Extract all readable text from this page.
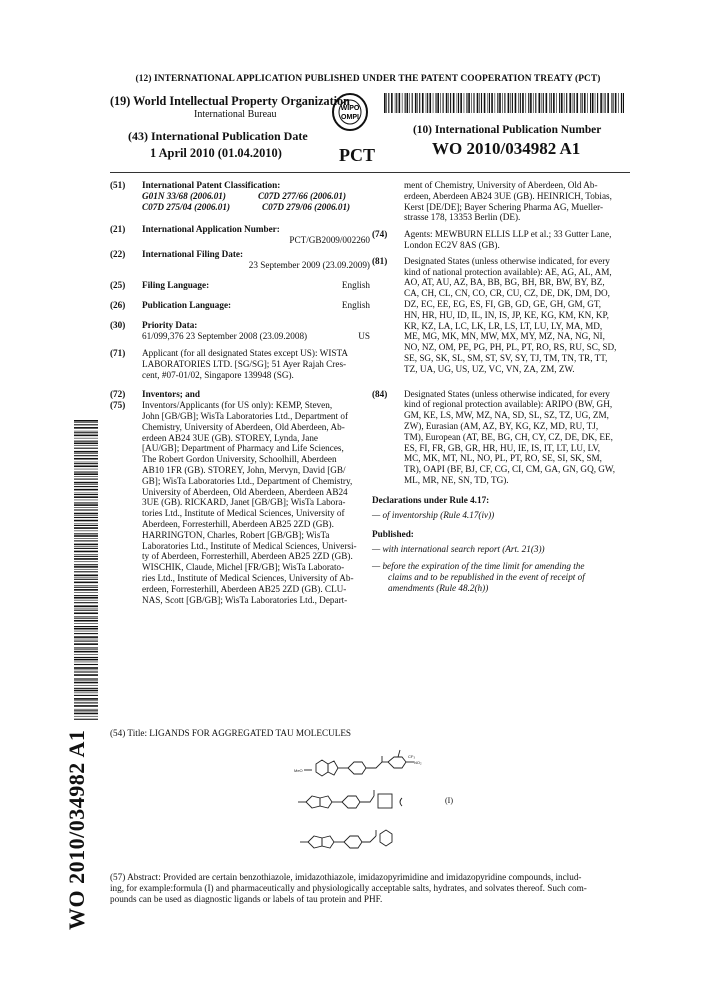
(12) INTERNATIONAL APPLICATION PUBLISHED UNDER THE PATENT COOPERATION TREATY (PCT)
(19) World Intellectual Property Organization
International Bureau
(43) International Publication Date
1 April 2010 (01.04.2010)
(10) International Publication Number
WO 2010/034982 A1
PCT
WIPO
OMPI
(51) International Patent Classification:
G01N 33/68 (2006.01)	C07D 277/66 (2006.01)
C07D 275/04 (2006.01)	C07D 279/06 (2006.01)
(21) International Application Number:
PCT/GB2009/002260
(22) International Filing Date:
23 September 2009 (23.09.2009)
(25) Filing Language:	English
(26) Publication Language:	English
(30) Priority Data:
61/099,376 23 September 2008 (23.09.2008)	US
(71) Applicant (for all designated States except US): WISTA
LABORATORIES LTD. [SG/SG]; 51 Ayer Rajah Cres-
cent, #07-01/02, Singapore 139948 (SG).
(72) Inventors; and
(75) Inventors/Applicants (for US only): KEMP, Steven,
John [GB/GB]; WisTa Laboratories Ltd., Department of
Chemistry, University of Aberdeen, Old Aberdeen, Ab-
erdeen AB24 3UE (GB). STOREY, Lynda, Jane
[AU/GB]; Department of Pharmacy and Life Sciences,
The Robert Gordon University, Schoolhill, Aberdeen
AB10 1FR (GB). STOREY, John, Mervyn, David [GB/
GB]; WisTa Laboratories Ltd., Department of Chemistry,
University of Aberdeen, Old Aberdeen, Aberdeen AB24
3UE (GB). RICKARD, Janet [GB/GB]; WisTa Labora-
tories Ltd., Institute of Medical Sciences, University of
Aberdeen, Forresterhill, Aberdeen AB25 2ZD (GB).
HARRINGTON, Charles, Robert [GB/GB]; WisTa
Laboratories Ltd., Institute of Medical Sciences, Universi-
ty of Aberdeen, Forresterhill, Aberdeen AB25 2ZD (GB).
WISCHIK, Claude, Michel [FR/GB]; WisTa Laborato-
ries Ltd., Institute of Medical Sciences, University of Ab-
erdeen, Forresterhill, Aberdeen AB25 2ZD (GB). CLU-
NAS, Scott [GB/GB]; WisTa Laboratories Ltd., Depart-
ment of Chemistry, University of Aberdeen, Old Ab-
erdeen, Aberdeen AB24 3UE (GB). HEINRICH, Tobias,
Kerst [DE/DE]; Bayer Schering Pharma AG, Mueller-
strasse 178, 13353 Berlin (DE).
(74) Agents: MEWBURN ELLIS LLP et al.; 33 Gutter Lane,
London EC2V 8AS (GB).
(81) Designated States (unless otherwise indicated, for every
kind of national protection available): AE, AG, AL, AM,
AO, AT, AU, AZ, BA, BB, BG, BH, BR, BW, BY, BZ,
CA, CH, CL, CN, CO, CR, CU, CZ, DE, DK, DM, DO,
DZ, EC, EE, EG, ES, FI, GB, GD, GE, GH, GM, GT,
HN, HR, HU, ID, IL, IN, IS, JP, KE, KG, KM, KN, KP,
KR, KZ, LA, LC, LK, LR, LS, LT, LU, LY, MA, MD,
ME, MG, MK, MN, MW, MX, MY, MZ, NA, NG, NI,
NO, NZ, OM, PE, PG, PH, PL, PT, RO, RS, RU, SC, SD,
SE, SG, SK, SL, SM, ST, SV, SY, TJ, TM, TN, TR, TT,
TZ, UA, UG, US, UZ, VC, VN, ZA, ZM, ZW.
(84) Designated States (unless otherwise indicated, for every
kind of regional protection available): ARIPO (BW, GH,
GM, KE, LS, MW, MZ, NA, SD, SL, SZ, TZ, UG, ZM,
ZW), Eurasian (AM, AZ, BY, KG, KZ, MD, RU, TJ,
TM), European (AT, BE, BG, CH, CY, CZ, DE, DK, EE,
ES, FI, FR, GB, GR, HR, HU, IE, IS, IT, LT, LU, LV,
MC, MK, MT, NL, NO, PL, PT, RO, SE, SI, SK, SM,
TR), OAPI (BF, BJ, CF, CG, CI, CM, GA, GN, GQ, GW,
ML, MR, NE, SN, TD, TG).
Declarations under Rule 4.17:
— of inventorship (Rule 4.17(iv))
Published:
— with international search report (Art. 21(3))
— before the expiration of the time limit for amending the
claims and to be republished in the event of receipt of
amendments (Rule 48.2(h))
(54) Title: LIGANDS FOR AGGREGATED TAU MOLECULES
MeO
CF₃
NO₂
(I)
(57) Abstract: Provided are certain benzothiazole, imidazothiazole, imidazopyrimidine and imidazopyridine compounds, includ-
ing, for example:formula (I) and pharmaceutically and physiologically acceptable salts, hydrates, and solvates thereof. Such com-
pounds can be used as diagnostic ligands or labels of tau protein and PHF.
WO 2010/034982 A1
